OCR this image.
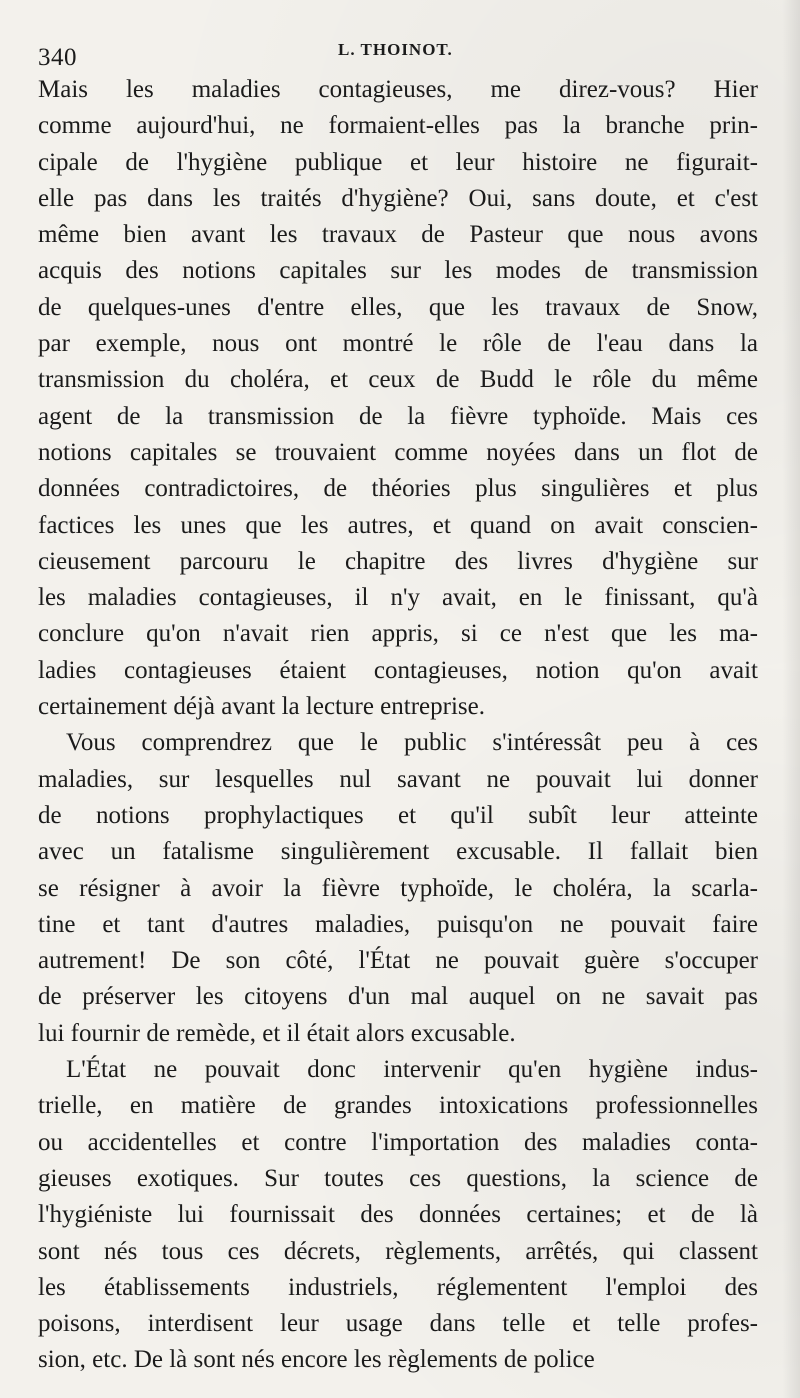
340	L. THOINOT.
Mais les maladies contagieuses, me direz-vous? Hier
comme aujourd'hui, ne formaient-elles pas la branche prin-
cipale de l'hygiène publique et leur histoire ne figurait-
elle pas dans les traités d'hygiène? Oui, sans doute, et c'est
même bien avant les travaux de Pasteur que nous avons
acquis des notions capitales sur les modes de transmission
de quelques-unes d'entre elles, que les travaux de Snow,
par exemple, nous ont montré le rôle de l'eau dans la
transmission du choléra, et ceux de Budd le rôle du même
agent de la transmission de la fièvre typhoïde. Mais ces
notions capitales se trouvaient comme noyées dans un flot de
données contradictoires, de théories plus singulières et plus
factices les unes que les autres, et quand on avait conscien-
cieusement parcouru le chapitre des livres d'hygiène sur
les maladies contagieuses, il n'y avait, en le finissant, qu'à
conclure qu'on n'avait rien appris, si ce n'est que les ma-
ladies contagieuses étaient contagieuses, notion qu'on avait
certainement déjà avant la lecture entreprise.
Vous comprendrez que le public s'intéressât peu à ces
maladies, sur lesquelles nul savant ne pouvait lui donner
de notions prophylactiques et qu'il subît leur atteinte
avec un fatalisme singulièrement excusable. Il fallait bien
se résigner à avoir la fièvre typhoïde, le choléra, la scarla-
tine et tant d'autres maladies, puisqu'on ne pouvait faire
autrement! De son côté, l'État ne pouvait guère s'occuper
de préserver les citoyens d'un mal auquel on ne savait pas
lui fournir de remède, et il était alors excusable.
L'État ne pouvait donc intervenir qu'en hygiène indus-
trielle, en matière de grandes intoxications professionnelles
ou accidentelles et contre l'importation des maladies conta-
gieuses exotiques. Sur toutes ces questions, la science de
l'hygiéniste lui fournissait des données certaines; et de là
sont nés tous ces décrets, règlements, arrêtés, qui classent
les établissements industriels, réglementent l'emploi des
poisons, interdisent leur usage dans telle et telle profes-
sion, etc. De là sont nés encore les règlements de police
